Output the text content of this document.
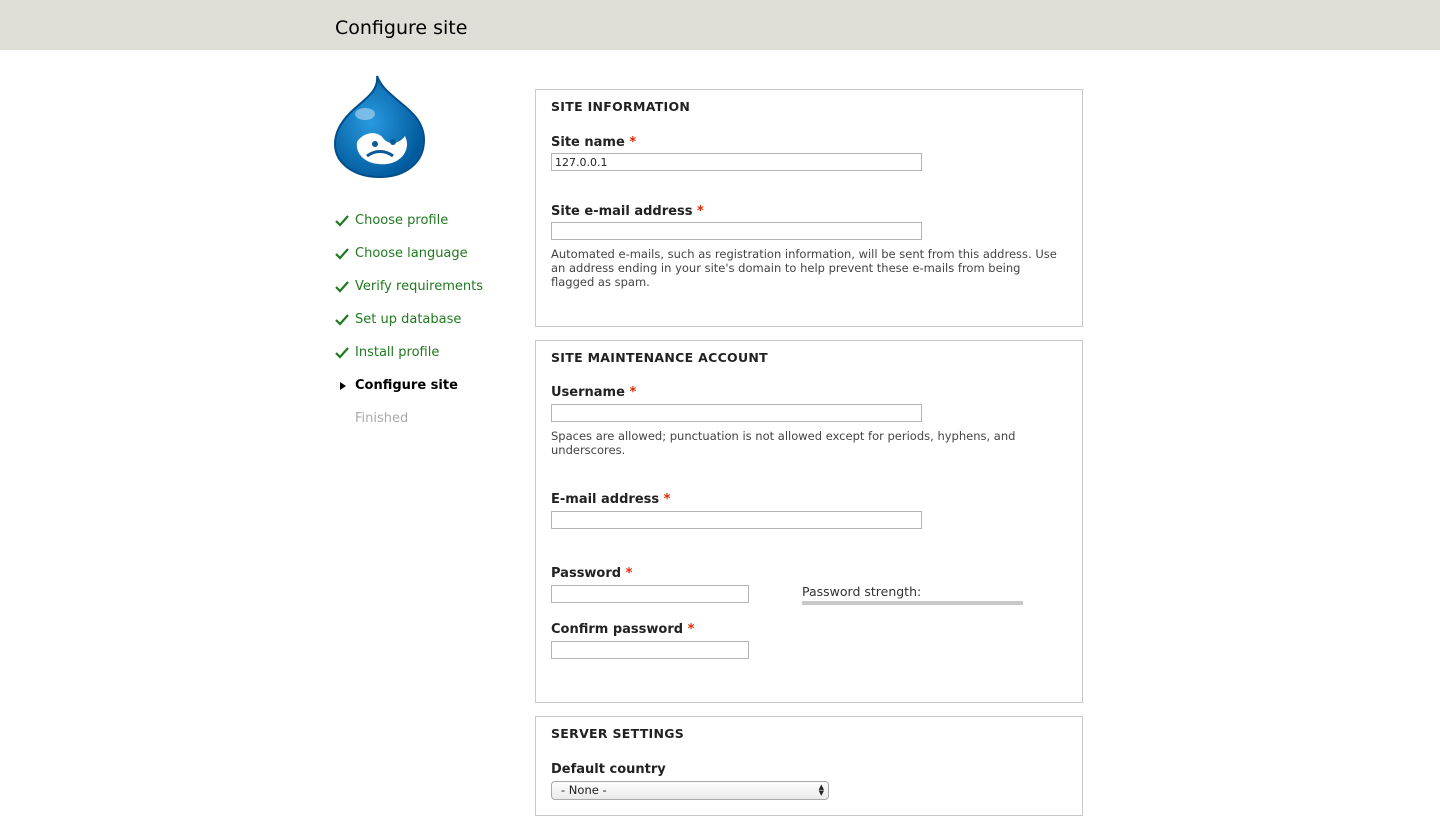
Configure site
Choose profile
Choose language
Verify requirements
Set up database
Install profile
Configure site
Finished
SITE INFORMATION
Site name *
127.0.0.1
Site e-mail address *
Automated e-mails, such as registration information, will be sent from this address. Use
an address ending in your site's domain to help prevent these e-mails from being
flagged as spam.
SITE MAINTENANCE ACCOUNT
Username *
Spaces are allowed; punctuation is not allowed except for periods, hyphens, and
underscores.
E-mail address *
Password *
Password strength:
Confirm password *
SERVER SETTINGS
Default country
- None -	▲
▼
